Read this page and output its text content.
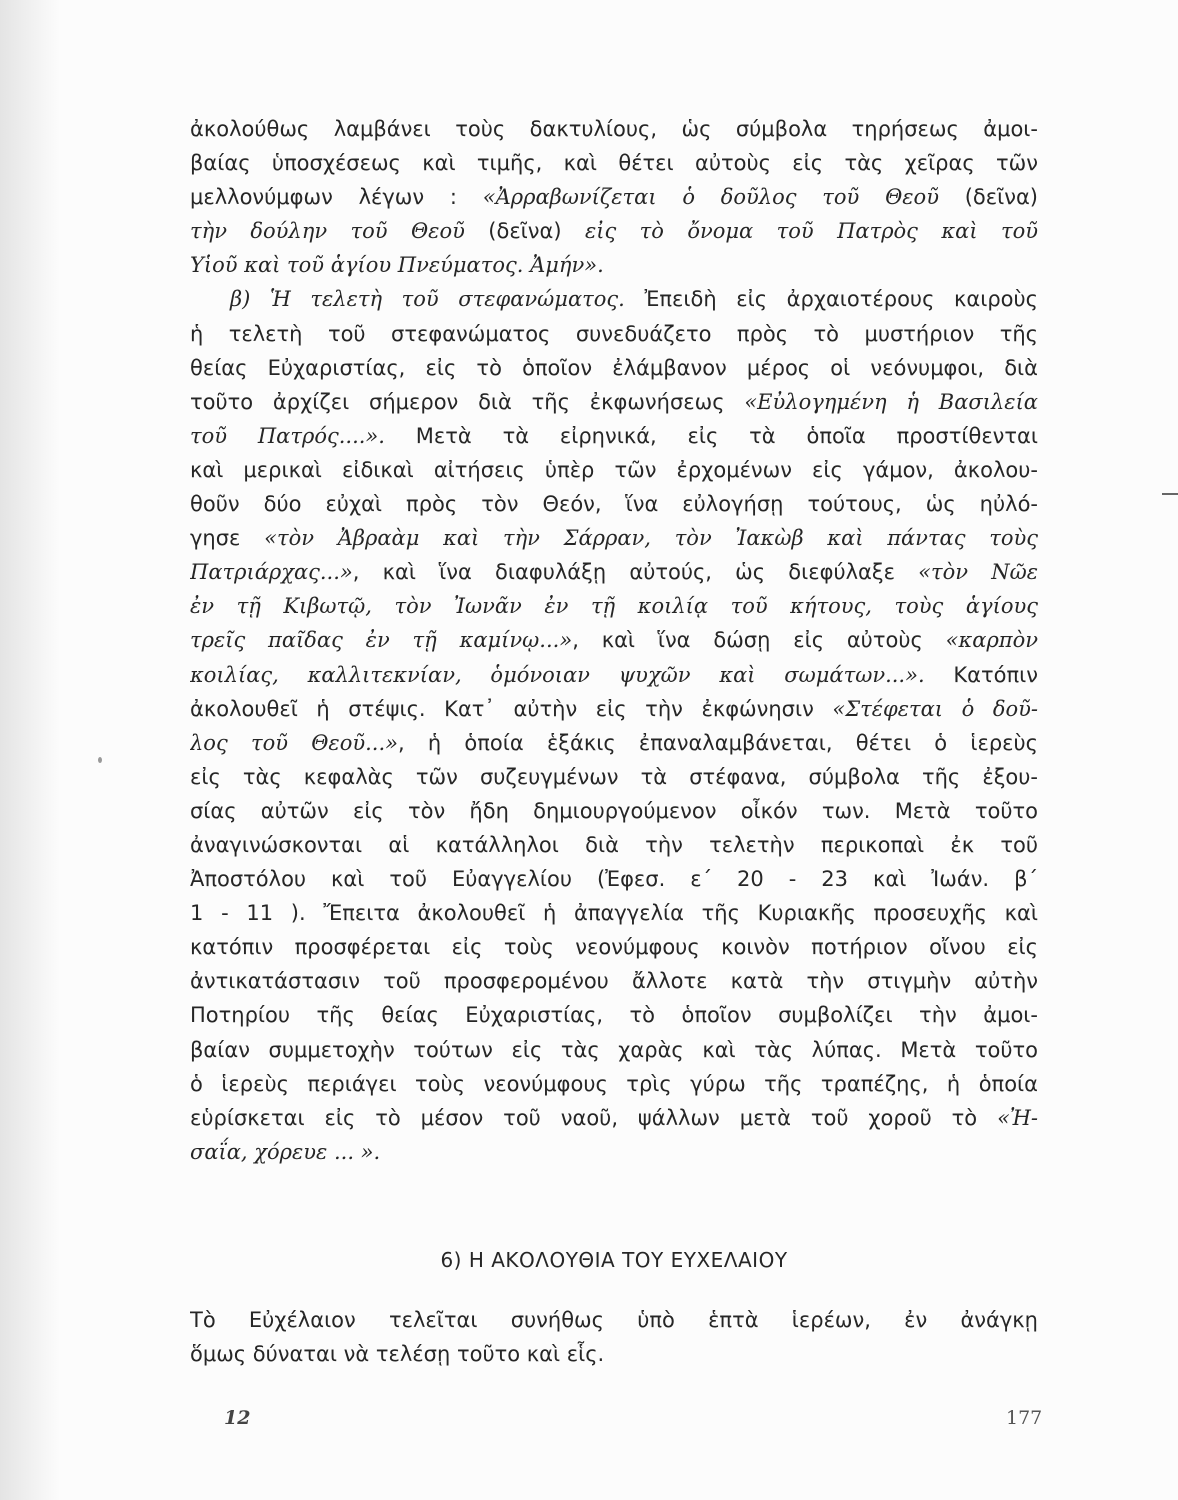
ἀκολούθως λαμβάνει τοὺς δακτυλίους, ὡς σύμβολα τηρήσεως ἀμοι-
βαίας ὑποσχέσεως καὶ τιμῆς, καὶ θέτει αὐτοὺς εἰς τὰς χεῖρας τῶν
μελλονύμφων λέγων : «Ἀρραβωνίζεται ὁ δοῦλος τοῦ Θεοῦ (δεῖνα)
τὴν δούλην τοῦ Θεοῦ (δεῖνα) εἰς τὸ ὄνομα τοῦ Πατρὸς καὶ τοῦ
Υἱοῦ καὶ τοῦ ἁγίου Πνεύματος. Ἀμήν».
β) Ἡ τελετὴ τοῦ στεφανώματος. Ἐπειδὴ εἰς ἀρχαιοτέρους καιροὺς
ἡ τελετὴ τοῦ στεφανώματος συνεδυάζετο πρὸς τὸ μυστήριον τῆς
θείας Εὐχαριστίας, εἰς τὸ ὁποῖον ἐλάμβανον μέρος οἱ νεόνυμφοι, διὰ
τοῦτο ἀρχίζει σήμερον διὰ τῆς ἐκφωνήσεως «Εὐλογημένη ἡ Βασιλεία
τοῦ Πατρός....». Μετὰ τὰ εἰρηνικά, εἰς τὰ ὁποῖα προστίθενται
καὶ μερικαὶ εἰδικαὶ αἰτήσεις ὑπὲρ τῶν ἐρχομένων εἰς γάμον, ἀκολου-
θοῦν δύο εὐχαὶ πρὸς τὸν Θεόν, ἵνα εὐλογήσῃ τούτους, ὡς ηὐλό-
γησε «τὸν Ἀβραὰμ καὶ τὴν Σάρραν, τὸν Ἰακὼβ καὶ πάντας τοὺς
Πατριάρχας...», καὶ ἵνα διαφυλάξῃ αὐτούς, ὡς διεφύλαξε «τὸν Νῶε
ἐν τῇ Κιβωτῷ, τὸν Ἰωνᾶν ἐν τῇ κοιλίᾳ τοῦ κήτους, τοὺς ἁγίους
τρεῖς παῖδας ἐν τῇ καμίνῳ...», καὶ ἵνα δώσῃ εἰς αὐτοὺς «καρπὸν
κοιλίας, καλλιτεκνίαν, ὁμόνοιαν ψυχῶν καὶ σωμάτων...». Κατόπιν
ἀκολουθεῖ ἡ στέψις. Κατ᾽ αὐτὴν εἰς τὴν ἐκφώνησιν «Στέφεται ὁ δοῦ-
λος τοῦ Θεοῦ...», ἡ ὁποία ἑξάκις ἐπαναλαμβάνεται, θέτει ὁ ἱερεὺς
εἰς τὰς κεφαλὰς τῶν συζευγμένων τὰ στέφανα, σύμβολα τῆς ἐξου-
σίας αὐτῶν εἰς τὸν ἤδη δημιουργούμενον οἶκόν των. Μετὰ τοῦτο
ἀναγινώσκονται αἱ κατάλληλοι διὰ τὴν τελετὴν περικοπαὶ ἐκ τοῦ
Ἀποστόλου καὶ τοῦ Εὐαγγελίου (Ἐφεσ. ε´ 20 - 23 καὶ Ἰωάν. β´
1 - 11 ). Ἔπειτα ἀκολουθεῖ ἡ ἀπαγγελία τῆς Κυριακῆς προσευχῆς καὶ
κατόπιν προσφέρεται εἰς τοὺς νεονύμφους κοινὸν ποτήριον οἴνου εἰς
ἀντικατάστασιν τοῦ προσφερομένου ἄλλοτε κατὰ τὴν στιγμὴν αὐτὴν
Ποτηρίου τῆς θείας Εὐχαριστίας, τὸ ὁποῖον συμβολίζει τὴν ἀμοι-
βαίαν συμμετοχὴν τούτων εἰς τὰς χαρὰς καὶ τὰς λύπας. Μετὰ τοῦτο
ὁ ἱερεὺς περιάγει τοὺς νεονύμφους τρὶς γύρω τῆς τραπέζης, ἡ ὁποία
εὑρίσκεται εἰς τὸ μέσον τοῦ ναοῦ, ψάλλων μετὰ τοῦ χοροῦ τὸ «Ἠ-
σαΐα, χόρευε ... ».
6) Η ΑΚΟΛΟΥΘΙΑ ΤΟΥ ΕΥΧΕΛΑΙΟΥ
Τὸ Εὐχέλαιον τελεῖται συνήθως ὑπὸ ἑπτὰ ἱερέων, ἐν ἀνάγκῃ
ὅμως δύναται νὰ τελέσῃ τοῦτο καὶ εἷς.
12	177
